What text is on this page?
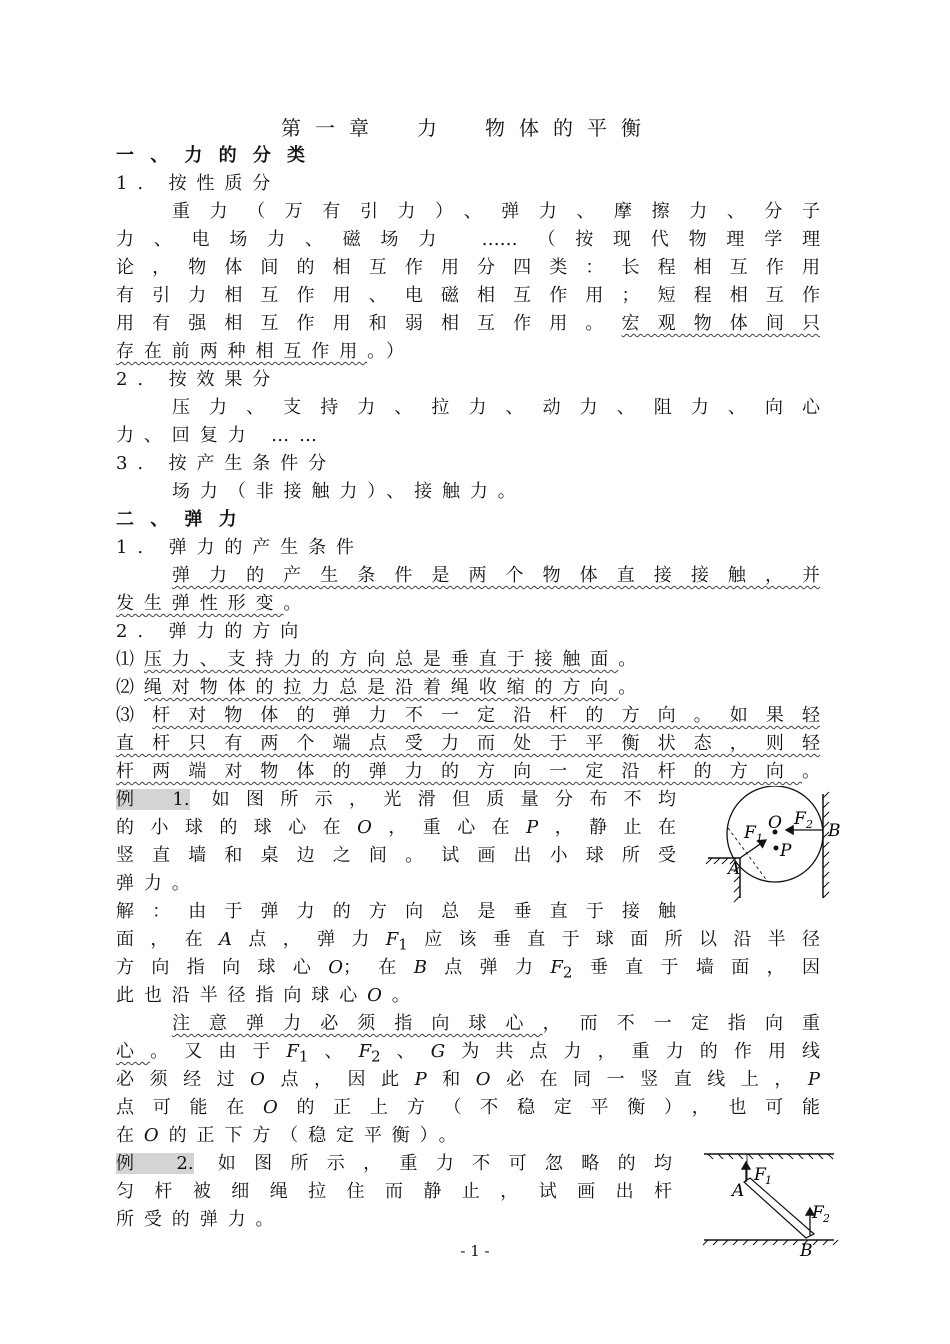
第一章　力　物体的平衡
一、力的分类
1. 按性质分
重力（万有引力）、弹力、摩擦力、分子
力、电场力、磁场力 ……（按现代物理学理
论，物体间的相互作用分四类：长程相互作用
有引力相互作用、电磁相互作用；短程相互作
用有强相互作用和弱相互作用。宏观物体间只
存在前两种相互作用。）
2. 按效果分
压力、支持力、拉力、动力、阻力、向心
力、回复力 ……
3. 按产生条件分
场力（非接触力）、接触力。
二、弹力
1. 弹力的产生条件
弹力的产生条件是两个物体直接接触，并
发生弹性形变。
2. 弹力的方向
⑴压力、支持力的方向总是垂直于接触面。
⑵绳对物体的拉力总是沿着绳收缩的方向。
⑶杆对物体的弹力不一定沿杆的方向。如果轻
直杆只有两个端点受力而处于平衡状态，则轻
杆两端对物体的弹力的方向一定沿杆的方向。
例 1. 如图所示，光滑但质量分布不均
的小球的球心在O，重心在P，静止在
竖直墙和桌边之间。试画出小球所受
弹力。
解：由于弹力的方向总是垂直于接触
面，在A点，弹力$F_1$应该垂直于球面所以沿半径
方向指向球心O；在B点弹力$F_2$垂直于墙面，因
此也沿半径指向球心O。
注意弹力必须指向球心，而不一定指向重
心。又由于$F_1$、$F_2$、G为共点力，重力的作用线
必须经过O点，因此P和O必在同一竖直线上，P
点可能在O的正上方（不稳定平衡），也可能
在O的正下方（稳定平衡）。
例 2. 如图所示，重力不可忽略的均
匀杆被细绳拉住而静止，试画出杆
所受的弹力。
O F 2 B
F 1
P
A
F 1
A
F 2
B
- 1 -
